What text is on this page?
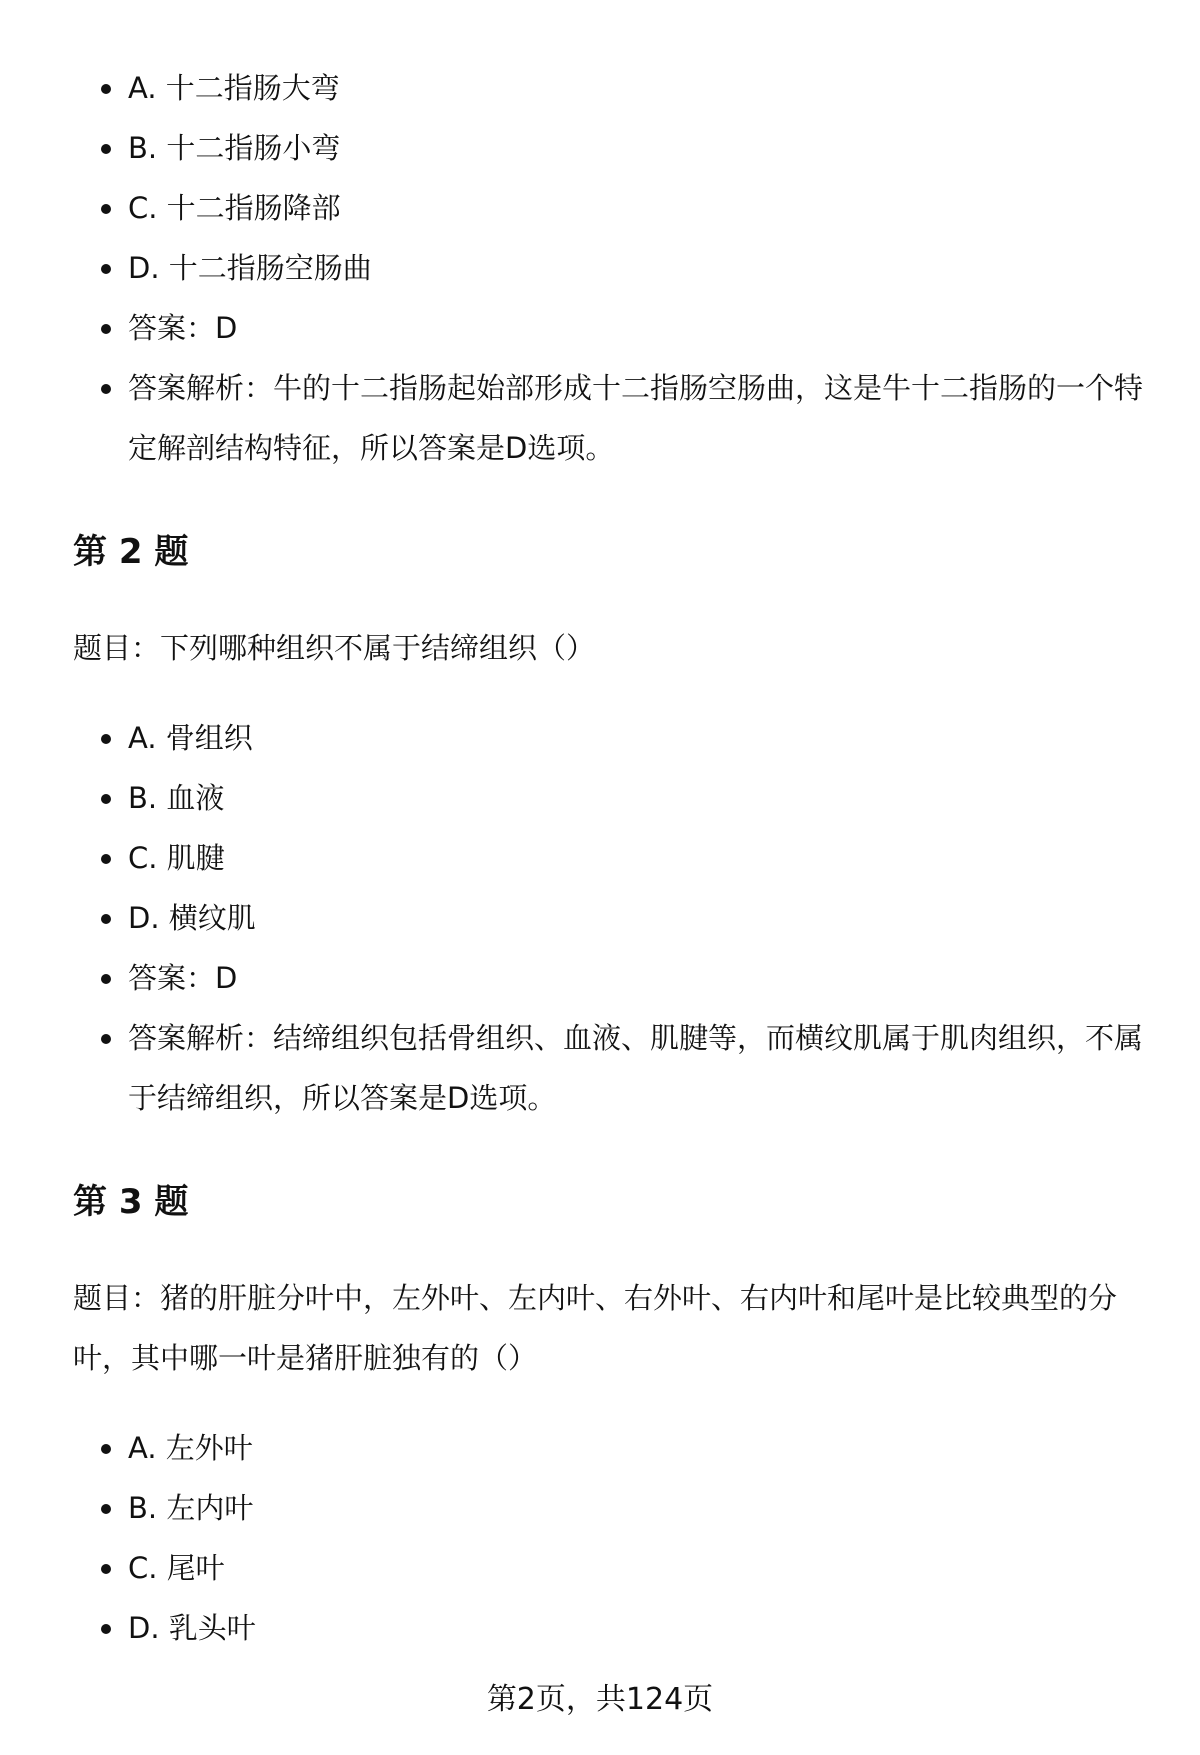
A. 十二指肠大弯
B. 十二指肠小弯
C. 十二指肠降部
D. 十二指肠空肠曲
答案：D
答案解析：牛的十二指肠起始部形成十二指肠空肠曲，这是牛十二指肠的一个特定解剖结构特征，所以答案是D选项。
第 2 题

题目：下列哪种组织不属于结缔组织（）

A. 骨组织
B. 血液
C. 肌腱
D. 横纹肌
答案：D
答案解析：结缔组织包括骨组织、血液、肌腱等，而横纹肌属于肌肉组织，不属于结缔组织，所以答案是D选项。
第 3 题

题目：猪的肝脏分叶中，左外叶、左内叶、右外叶、右内叶和尾叶是比较典型的分叶，其中哪一叶是猪肝脏独有的（）

A. 左外叶
B. 左内叶
C. 尾叶
D. 乳头叶
第2页，共124页
